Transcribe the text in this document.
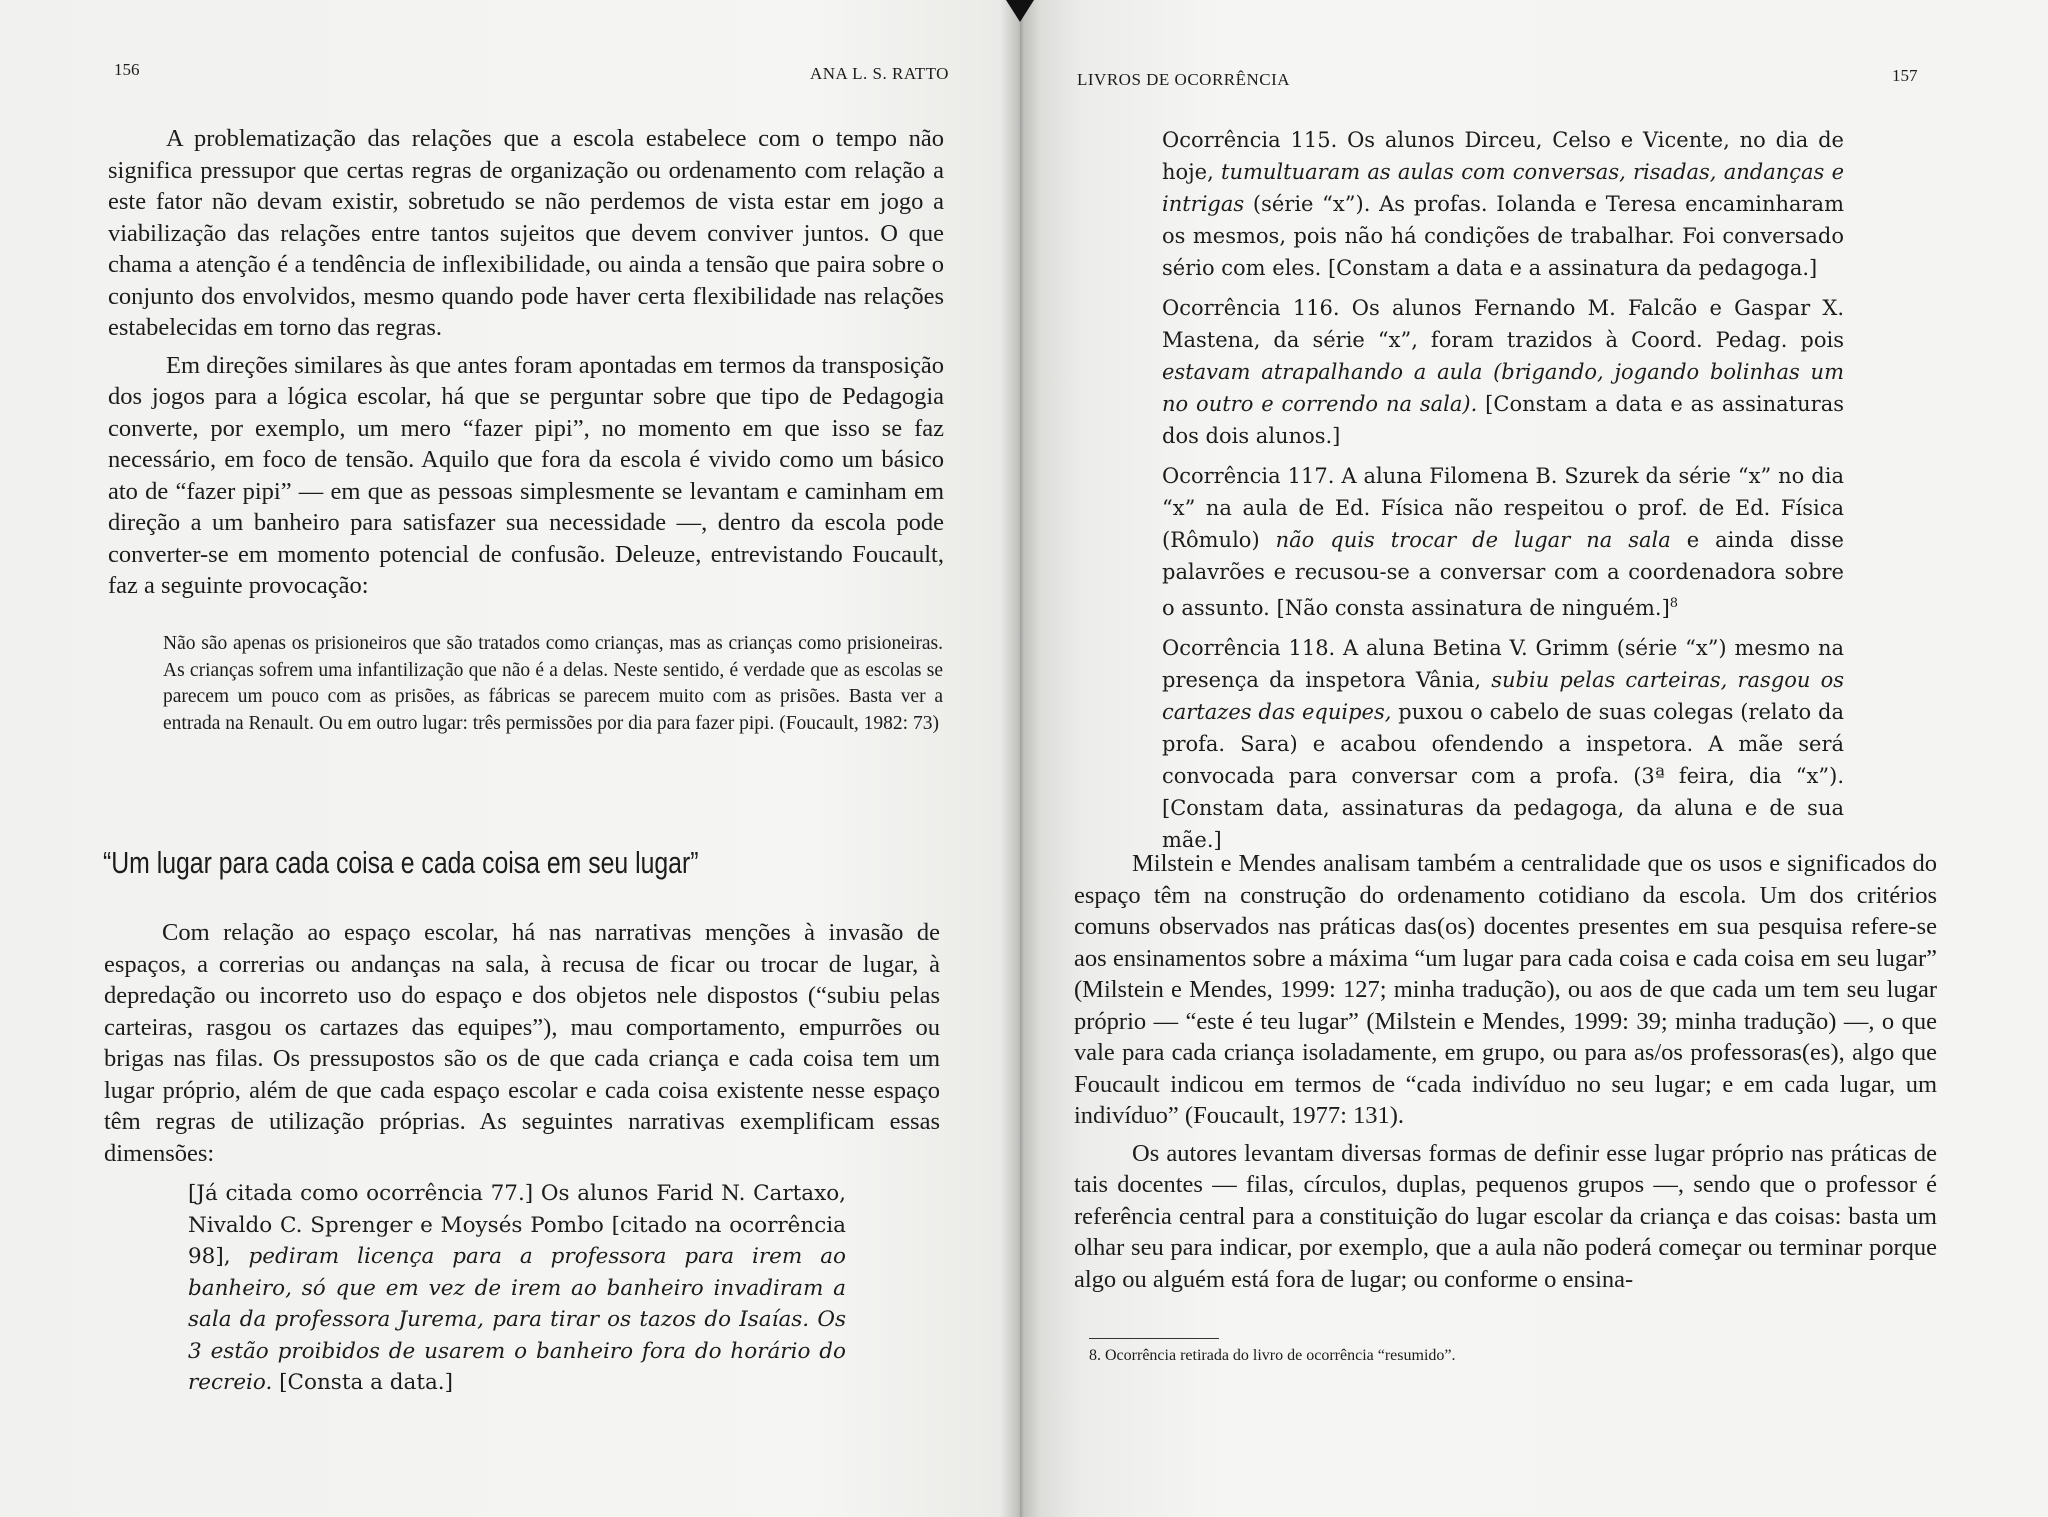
156	ANA L. S. RATTO

A problematização das relações que a escola estabelece com o tempo não significa pressupor que certas regras de organização ou ordenamento com relação a este fator não devam existir, sobretudo se não perdemos de vista estar em jogo a viabilização das relações entre tantos sujeitos que devem conviver juntos. O que chama a atenção é a tendência de inflexibilidade, ou ainda a tensão que paira sobre o conjunto dos envolvidos, mesmo quando pode haver certa flexibilidade nas relações estabelecidas em torno das regras.

Em direções similares às que antes foram apontadas em termos da transposição dos jogos para a lógica escolar, há que se perguntar sobre que tipo de Pedagogia converte, por exemplo, um mero “fazer pipi”, no momento em que isso se faz necessário, em foco de tensão. Aquilo que fora da escola é vivido como um básico ato de “fazer pipi” — em que as pessoas simplesmente se levantam e caminham em direção a um banheiro para satisfazer sua necessidade —, dentro da escola pode converter-se em momento potencial de confusão. Deleuze, entrevistando Foucault, faz a seguinte provocação:

Não são apenas os prisioneiros que são tratados como crianças, mas as crianças como prisioneiras. As crianças sofrem uma infantilização que não é a delas. Neste sentido, é verdade que as escolas se parecem um pouco com as prisões, as fábricas se parecem muito com as prisões. Basta ver a entrada na Renault. Ou em outro lugar: três permissões por dia para fazer pipi. (Foucault, 1982: 73)
“Um lugar para cada coisa e cada coisa em seu lugar”

Com relação ao espaço escolar, há nas narrativas menções à invasão de espaços, a correrias ou andanças na sala, à recusa de ficar ou trocar de lugar, à depredação ou incorreto uso do espaço e dos objetos nele dispostos (“subiu pelas carteiras, rasgou os cartazes das equipes”), mau comportamento, empurrões ou brigas nas filas. Os pressupostos são os de que cada criança e cada coisa tem um lugar próprio, além de que cada espaço escolar e cada coisa existente nesse espaço têm regras de utilização próprias. As seguintes narrativas exemplificam essas dimensões:

[Já citada como ocorrência 77.] Os alunos Farid N. Cartaxo, Nivaldo C. Sprenger e Moysés Pombo [citado na ocorrência 98], pediram licença para a professora para irem ao banheiro, só que em vez de irem ao banheiro invadiram a sala da professora Jurema, para tirar os tazos do Isaías. Os 3 estão proibidos de usarem o banheiro fora do horário do recreio. [Consta a data.]

LIVROS DE OCORRÊNCIA	157

Ocorrência 115. Os alunos Dirceu, Celso e Vicente, no dia de hoje, tumultuaram as aulas com conversas, risadas, andanças e intrigas (série “x”). As profas. Iolanda e Teresa encaminharam os mesmos, pois não há condições de trabalhar. Foi conversado sério com eles. [Constam a data e a assinatura da pedagoga.]

Ocorrência 116. Os alunos Fernando M. Falcão e Gaspar X. Mastena, da série “x”, foram trazidos à Coord. Pedag. pois estavam atrapalhando a aula (brigando, jogando bolinhas um no outro e correndo na sala). [Constam a data e as assinaturas dos dois alunos.]

Ocorrência 117. A aluna Filomena B. Szurek da série “x” no dia “x” na aula de Ed. Física não respeitou o prof. de Ed. Física (Rômulo) não quis trocar de lugar na sala e ainda disse palavrões e recusou-se a conversar com a coordenadora sobre o assunto. [Não consta assinatura de ninguém.]$^8$

Ocorrência 118. A aluna Betina V. Grimm (série “x”) mesmo na presença da inspetora Vânia, subiu pelas carteiras, rasgou os cartazes das equipes, puxou o cabelo de suas colegas (relato da profa. Sara) e acabou ofendendo a inspetora. A mãe será convocada para conversar com a profa. (3ª feira, dia “x”). [Constam data, assinaturas da pedagoga, da aluna e de sua mãe.]

Milstein e Mendes analisam também a centralidade que os usos e significados do espaço têm na construção do ordenamento cotidiano da escola. Um dos critérios comuns observados nas práticas das(os) docentes presentes em sua pesquisa refere-se aos ensinamentos sobre a máxima “um lugar para cada coisa e cada coisa em seu lugar” (Milstein e Mendes, 1999: 127; minha tradução), ou aos de que cada um tem seu lugar próprio — “este é teu lugar” (Milstein e Mendes, 1999: 39; minha tradução) —, o que vale para cada criança isoladamente, em grupo, ou para as/os professoras(es), algo que Foucault indicou em termos de “cada indivíduo no seu lugar; e em cada lugar, um indivíduo” (Foucault, 1977: 131).

Os autores levantam diversas formas de definir esse lugar próprio nas práticas de tais docentes — filas, círculos, duplas, pequenos grupos —, sendo que o professor é referência central para a constituição do lugar escolar da criança e das coisas: basta um olhar seu para indicar, por exemplo, que a aula não poderá começar ou terminar porque algo ou alguém está fora de lugar; ou conforme o ensina-

8. Ocorrência retirada do livro de ocorrência “resumido”.
